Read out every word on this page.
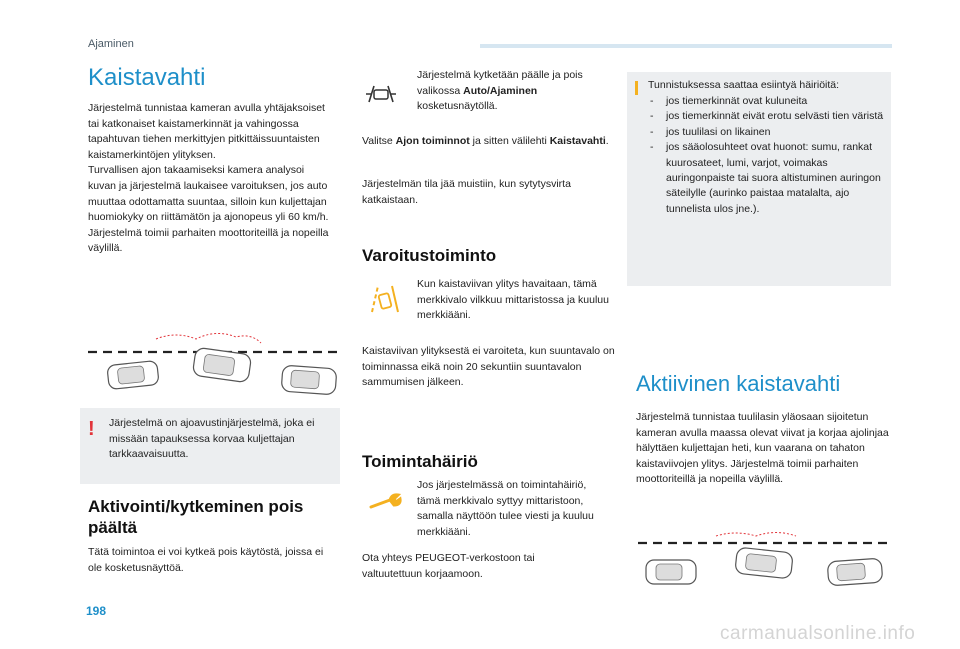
Ajaminen
Kaistavahti

Järjestelmä tunnistaa kameran avulla yhtäjaksoiset tai katkonaiset kaistamerkinnät ja vahingossa tapahtuvan tiehen merkittyjen pitkittäissuuntaisten kaistamerkintöjen ylityksen.

Turvallisen ajon takaamiseksi kamera analysoi kuvan ja järjestelmä laukaisee varoituksen, jos auto muuttaa odottamatta suuntaa, silloin kun kuljettajan huomiokyky on riittämätön ja ajonopeus yli 60 km/h.

Järjestelmä toimii parhaiten moottoriteillä ja nopeilla väylillä.

! Järjestelmä on ajoavustinjärjestelmä, joka ei missään tapauksessa korvaa kuljettajan tarkkaavaisuutta.
Aktivointi/kytkeminen pois päältä
Tätä toimintoa ei voi kytkeä pois käytöstä, joissa ei ole kosketusnäyttöä.
Järjestelmä kytketään päälle ja pois valikossa Auto/Ajaminen kosketusnäytöllä.
Valitse Ajon toiminnot ja sitten välilehti Kaistavahti.
Järjestelmän tila jää muistiin, kun sytytysvirta katkaistaan.
Varoitustoiminto
Kun kaistaviivan ylitys havaitaan, tämä merkkivalo vilkkuu mittaristossa ja kuuluu merkkiääni.
Kaistaviivan ylityksestä ei varoiteta, kun suuntavalo on toiminnassa eikä noin 20 sekuntiin suuntavalon sammumisen jälkeen.
Toimintahäiriö
Jos järjestelmässä on toimintahäiriö, tämä merkkivalo syttyy mittaristoon, samalla näyttöön tulee viesti ja kuuluu merkkiääni.
Ota yhteys PEUGEOT-verkostoon tai valtuutettuun korjaamoon.
Tunnistuksessa saattaa esiintyä häiriöitä:
- jos tiemerkinnät ovat kuluneita
- jos tiemerkinnät eivät erotu selvästi tien väristä
- jos tuulilasi on likainen
- jos sääolosuhteet ovat huonot: sumu, rankat kuurosateet, lumi, varjot, voimakas auringonpaiste tai suora altistuminen auringon säteilylle (aurinko paistaa matalalta, ajo tunnelista ulos jne.).
Aktiivinen kaistavahti
Järjestelmä tunnistaa tuulilasin yläosaan sijoitetun kameran avulla maassa olevat viivat ja korjaa ajolinjaa hälyttäen kuljettajan heti, kun vaarana on tahaton kaistaviivojen ylitys. Järjestelmä toimii parhaiten moottoriteillä ja nopeilla väylillä.
198
carmanualsonline.info
